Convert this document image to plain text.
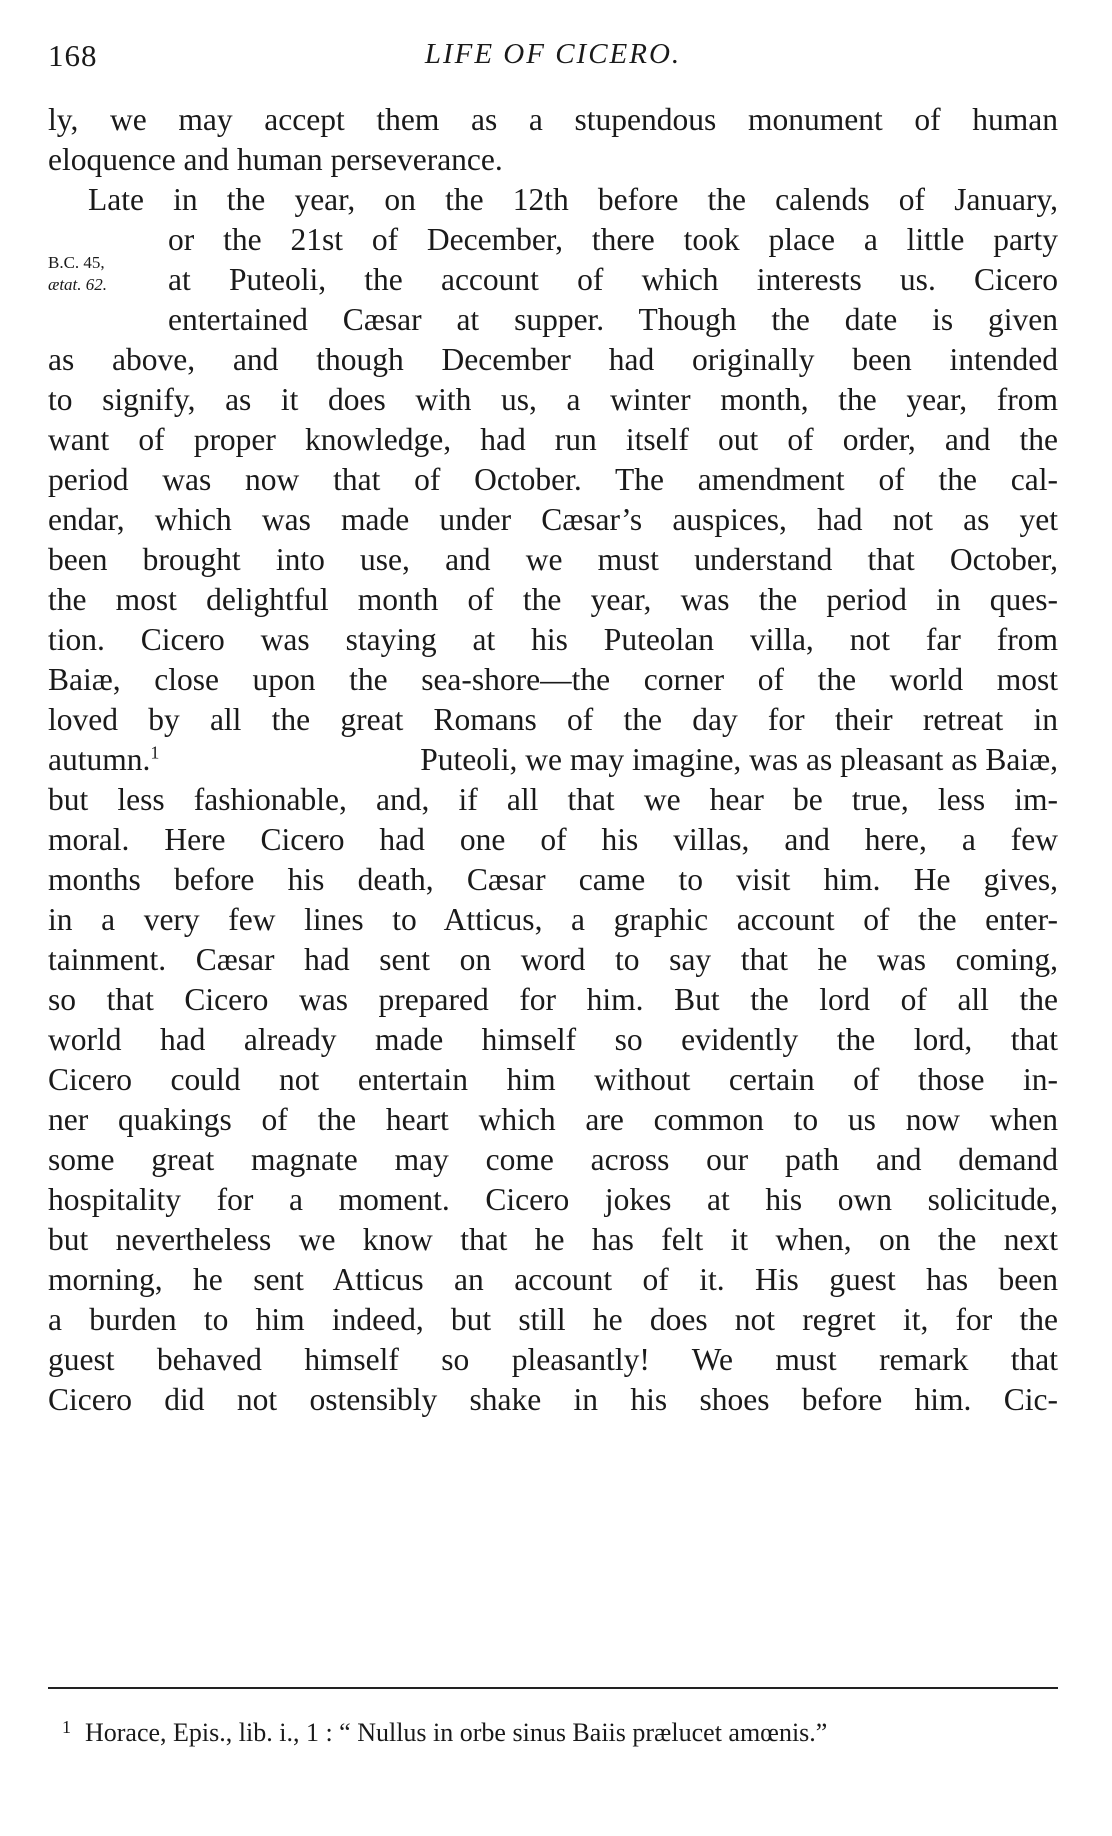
168	LIFE OF CICERO.
ly, we may accept them as a stupendous monument of human
eloquence and human perseverance.
Late in the year, on the 12th before the calends of January,
or the 21st of December, there took place a little party
B.C. 45,
ætat. 62. at Puteoli, the account of which interests us. Cicero
entertained Cæsar at supper. Though the date is given
as above, and though December had originally been intended
to signify, as it does with us, a winter month, the year, from
want of proper knowledge, had run itself out of order, and the
period was now that of October. The amendment of the cal-
endar, which was made under Cæsar’s auspices, had not as yet
been brought into use, and we must understand that October,
the most delightful month of the year, was the period in ques-
tion. Cicero was staying at his Puteolan villa, not far from
Baiæ, close upon the sea-shore—the corner of the world most
loved by all the great Romans of the day for their retreat in
autumn.$^1$	Puteoli, we may imagine, was as pleasant as Baiæ,
but less fashionable, and, if all that we hear be true, less im-
moral. Here Cicero had one of his villas, and here, a few
months before his death, Cæsar came to visit him. He gives,
in a very few lines to Atticus, a graphic account of the enter-
tainment. Cæsar had sent on word to say that he was coming,
so that Cicero was prepared for him. But the lord of all the
world had already made himself so evidently the lord, that
Cicero could not entertain him without certain of those in-
ner quakings of the heart which are common to us now when
some great magnate may come across our path and demand
hospitality for a moment. Cicero jokes at his own solicitude,
but nevertheless we know that he has felt it when, on the next
morning, he sent Atticus an account of it. His guest has been
a burden to him indeed, but still he does not regret it, for the
guest behaved himself so pleasantly! We must remark that
Cicero did not ostensibly shake in his shoes before him. Cic-
$^1$ Horace, Epis., lib. i., 1 : “ Nullus in orbe sinus Baiis prælucet amœnis.”
